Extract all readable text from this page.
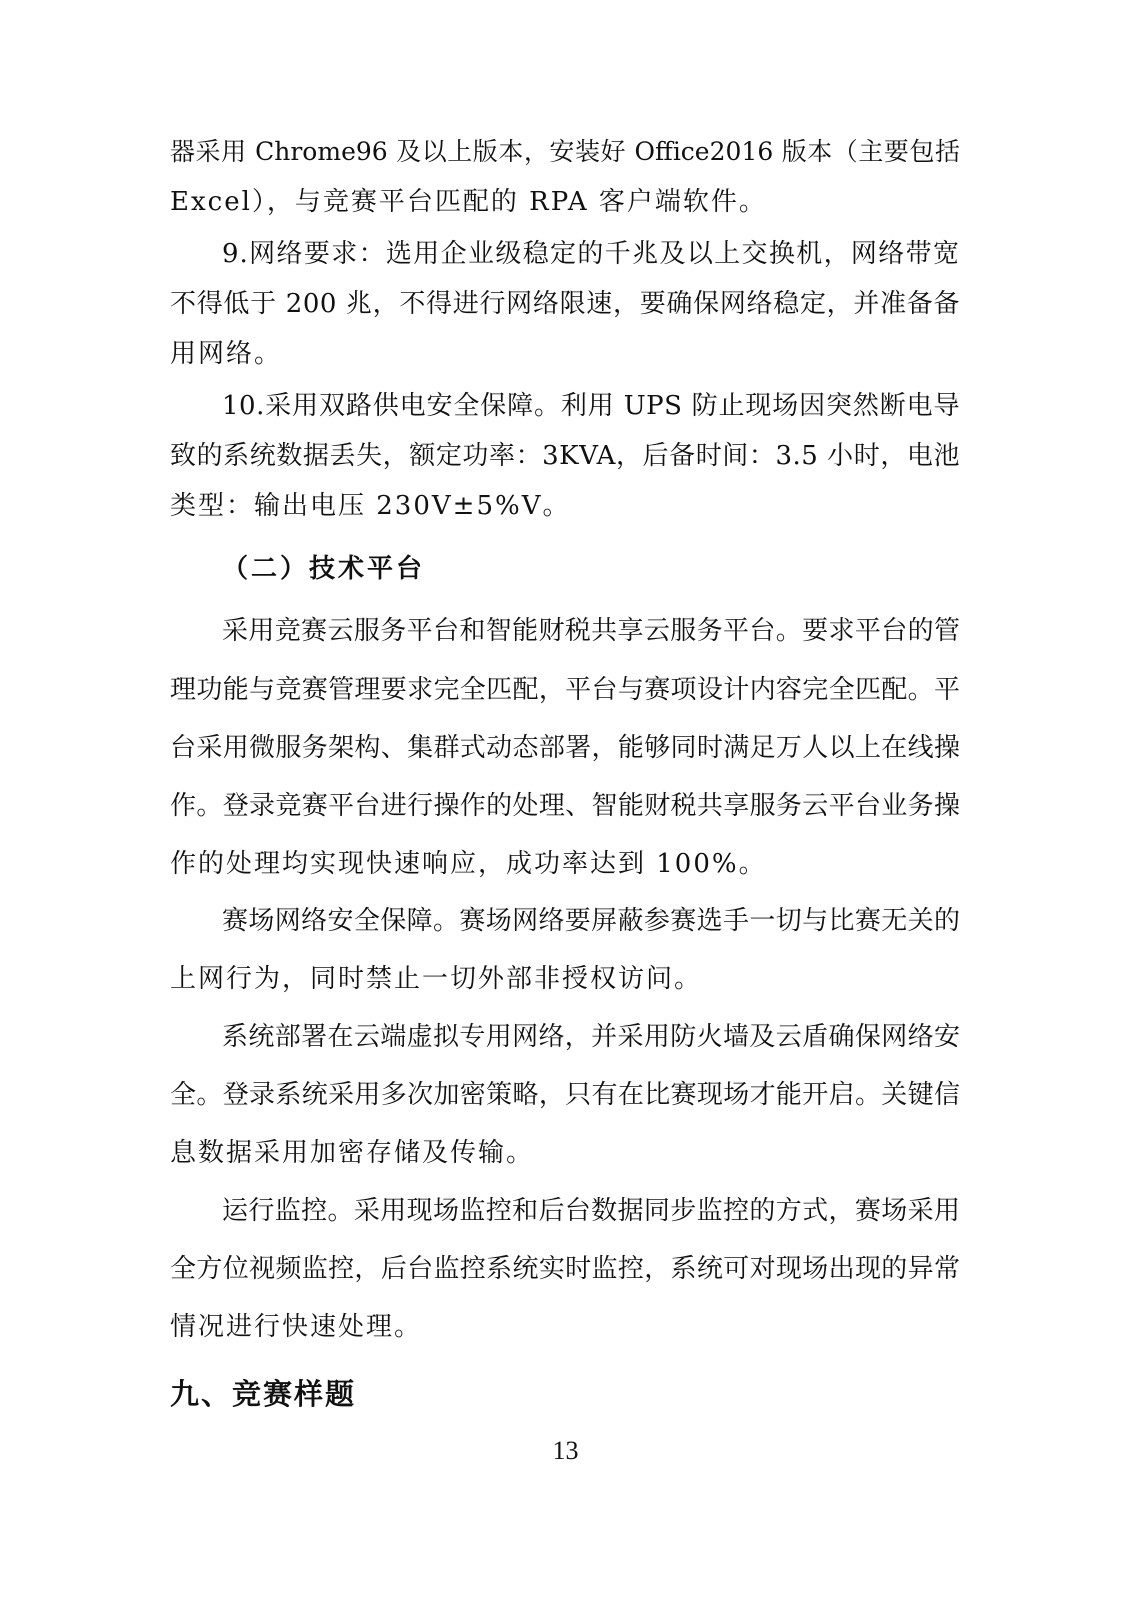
器采用 Chrome96 及以上版本，安装好 Office2016 版本（主要包括
Excel），与竞赛平台匹配的 RPA 客户端软件。
9.网络要求：选用企业级稳定的千兆及以上交换机，网络带宽
不得低于 200 兆，不得进行网络限速，要确保网络稳定，并准备备
用网络。
10.采用双路供电安全保障。利用 UPS 防止现场因突然断电导
致的系统数据丢失，额定功率：3KVA，后备时间：3.5 小时，电池
类型：输出电压 230V±5%V。
（二）技术平台
采用竞赛云服务平台和智能财税共享云服务平台。要求平台的管
理功能与竞赛管理要求完全匹配，平台与赛项设计内容完全匹配。平
台采用微服务架构、集群式动态部署，能够同时满足万人以上在线操
作。登录竞赛平台进行操作的处理、智能财税共享服务云平台业务操
作的处理均实现快速响应，成功率达到 100%。
赛场网络安全保障。赛场网络要屏蔽参赛选手一切与比赛无关的
上网行为，同时禁止一切外部非授权访问。
系统部署在云端虚拟专用网络，并采用防火墙及云盾确保网络安
全。登录系统采用多次加密策略，只有在比赛现场才能开启。关键信
息数据采用加密存储及传输。
运行监控。采用现场监控和后台数据同步监控的方式，赛场采用
全方位视频监控，后台监控系统实时监控，系统可对现场出现的异常
情况进行快速处理。
九、竞赛样题
13
